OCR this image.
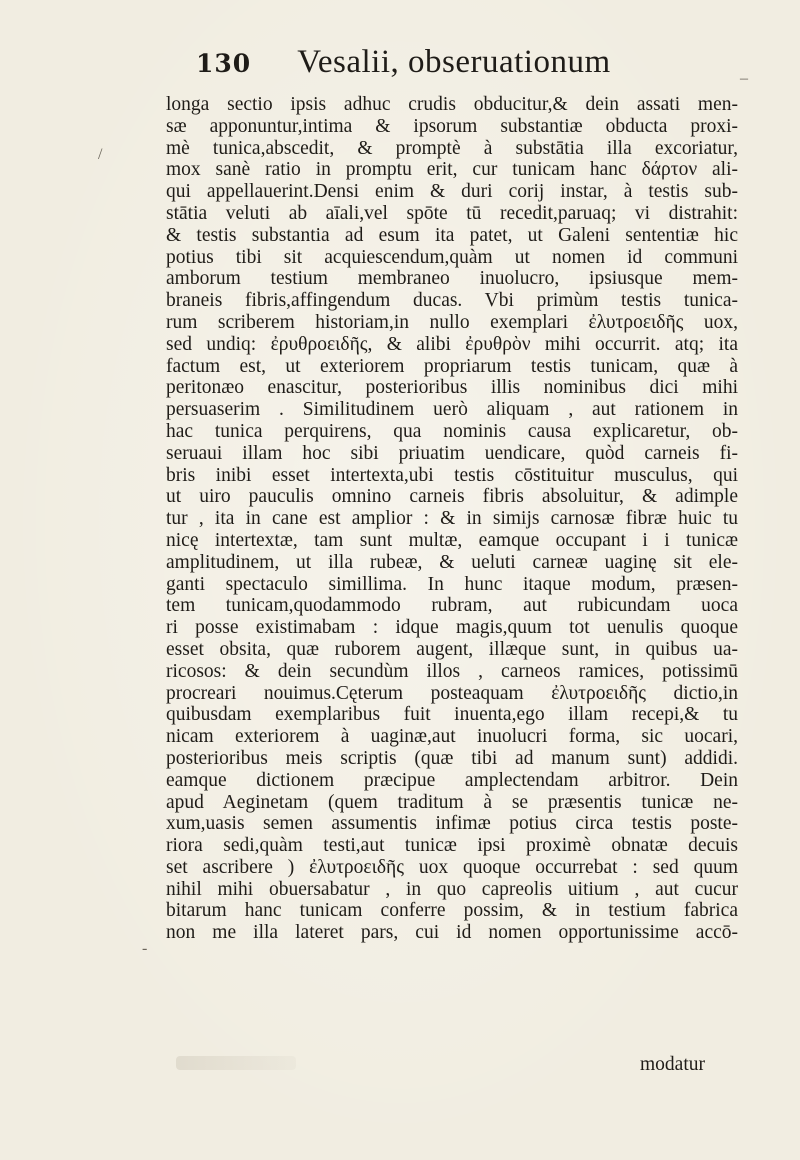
130 Vesalii, obseruationum	–
/
-
longa sectio ipsis adhuc crudis obducitur,& dein assati men-
sæ apponuntur,intima & ipsorum substantiæ obducta proxi-
mè tunica,abscedit, & promptè à substātia illa excoriatur,
mox sanè ratio in promptu erit, cur tunicam hanc δάρτον ali-
qui appellauerint.Densi enim & duri corij instar, à testis sub-
stātia veluti ab aīali,vel spōte tū recedit,paruaq; vi distrahit:
& testis substantia ad esum ita patet, ut Galeni sententiæ hic
potius tibi sit acquiescendum,quàm ut nomen id communi
amborum testium membraneo inuolucro, ipsiusque mem-
braneis fibris,affingendum ducas. Vbi primùm testis tunica-
rum scriberem historiam,in nullo exemplari ἐλυτροειδῆς uox,
sed undiq: ἐρυθροειδῆς, & alibi ἐρυθρὸν mihi occurrit. atq; ita
factum est, ut exteriorem propriarum testis tunicam, quæ à
peritonæo enascitur, posterioribus illis nominibus dici mihi
persuaserim . Similitudinem uerò aliquam , aut rationem in
hac tunica perquirens, qua nominis causa explicaretur, ob-
seruaui illam hoc sibi priuatim uendicare, quòd carneis fi-
bris inibi esset intertexta,ubi testis cōstituitur musculus, qui
ut uiro pauculis omnino carneis fibris absoluitur, & adimple
tur , ita in cane est amplior : & in simijs carnosæ fibræ huic tu
nicę intertextæ, tam sunt multæ, eamque occupant i i tunicæ
amplitudinem, ut illa rubeæ, & ueluti carneæ uaginę sit ele-
ganti spectaculo simillima. In hunc itaque modum, præsen-
tem tunicam,quodammodo rubram, aut rubicundam uoca
ri posse existimabam : idque magis,quum tot uenulis quoque
esset obsita, quæ ruborem augent, illæque sunt, in quibus ua-
ricosos: & dein secundùm illos , carneos ramices, potissimū
procreari nouimus.Cęterum posteaquam ἐλυτροειδῆς dictio,in
quibusdam exemplaribus fuit inuenta,ego illam recepi,& tu
nicam exteriorem à uaginæ,aut inuolucri forma, sic uocari,
posterioribus meis scriptis (quæ tibi ad manum sunt) addidi.
eamque dictionem præcipue amplectendam arbitror. Dein
apud Aeginetam (quem traditum à se præsentis tunicæ ne-
xum,uasis semen assumentis infimæ potius circa testis poste-
riora sedi,quàm testi,aut tunicæ ipsi proximè obnatæ decuis
set ascribere ) ἐλυτροειδῆς uox quoque occurrebat : sed quum
nihil mihi obuersabatur , in quo capreolis uitium , aut cucur
bitarum hanc tunicam conferre possim, & in testium fabrica
non me illa lateret pars, cui id nomen opportunissime accō-
modatur
